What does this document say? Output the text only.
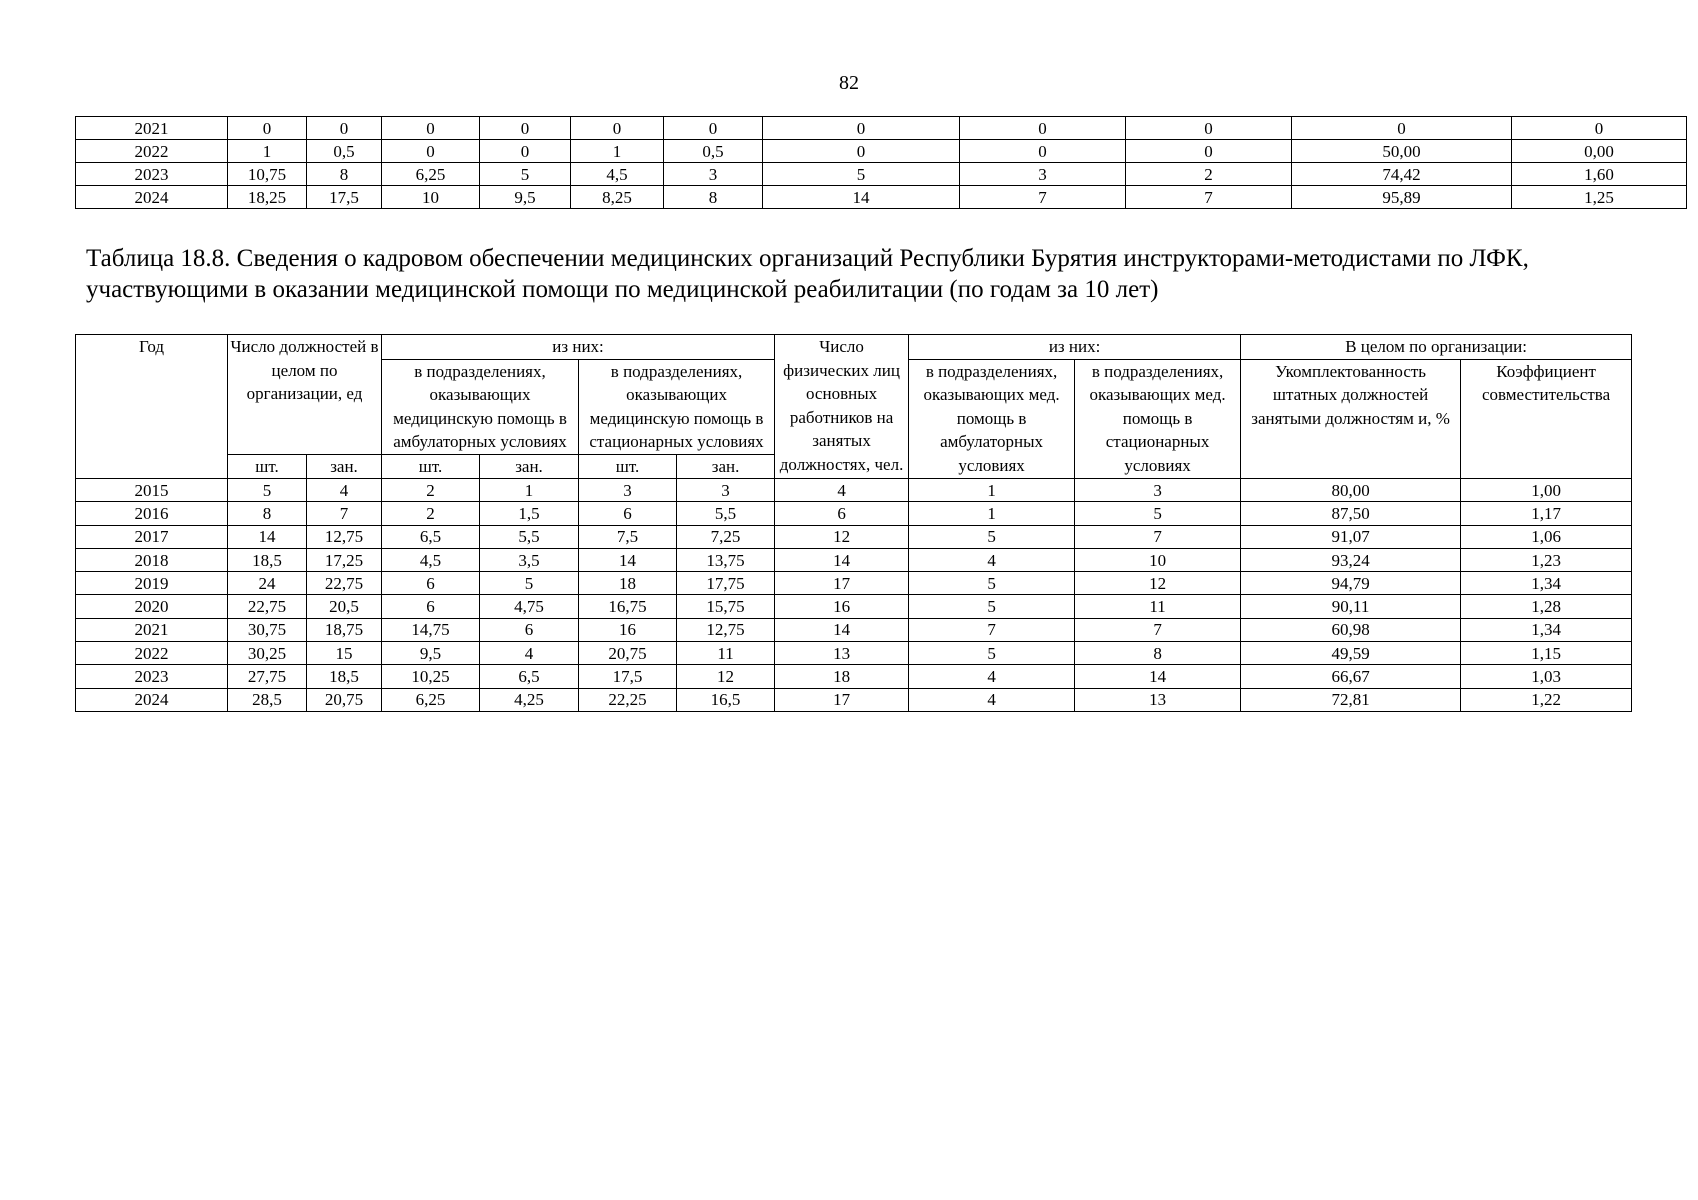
82
2021	0	0	0	0	0	0	0	0	0	0	0
2022	1	0,5	0	0	1	0,5	0	0	0	50,00	0,00
2023	10,75	8	6,25	5	4,5	3	5	3	2	74,42	1,60
2024	18,25	17,5	10	9,5	8,25	8	14	7	7	95,89	1,25
Таблица 18.8. Сведения о кадровом обеспечении медицинских организаций Республики Бурятия инструкторами-методистами по ЛФК, участвующими в оказании медицинской помощи по медицинской реабилитации (по годам за 10 лет)
Год	Число должностей в целом по организации, ед		из них:				Число физических лиц основных работников на занятых должностях, чел.	из них:		В целом по организации:	
			в подразделениях, оказывающих медицинскую помощь в амбулаторных условиях		в подразделениях, оказывающих медицинскую помощь в стационарных условиях			в подразделениях, оказывающих мед. помощь в амбулаторных условиях	в подразделениях, оказывающих мед. помощь в стационарных условиях	Укомплектованность штатных должностей занятыми должностям и, %	Коэффициент совместительства
	шт.	зан.	шт.	зан.	шт.	зан.					
2015	5	4	2	1	3	3	4	1	3	80,00	1,00
2016	8	7	2	1,5	6	5,5	6	1	5	87,50	1,17
2017	14	12,75	6,5	5,5	7,5	7,25	12	5	7	91,07	1,06
2018	18,5	17,25	4,5	3,5	14	13,75	14	4	10	93,24	1,23
2019	24	22,75	6	5	18	17,75	17	5	12	94,79	1,34
2020	22,75	20,5	6	4,75	16,75	15,75	16	5	11	90,11	1,28
2021	30,75	18,75	14,75	6	16	12,75	14	7	7	60,98	1,34
2022	30,25	15	9,5	4	20,75	11	13	5	8	49,59	1,15
2023	27,75	18,5	10,25	6,5	17,5	12	18	4	14	66,67	1,03
2024	28,5	20,75	6,25	4,25	22,25	16,5	17	4	13	72,81	1,22
